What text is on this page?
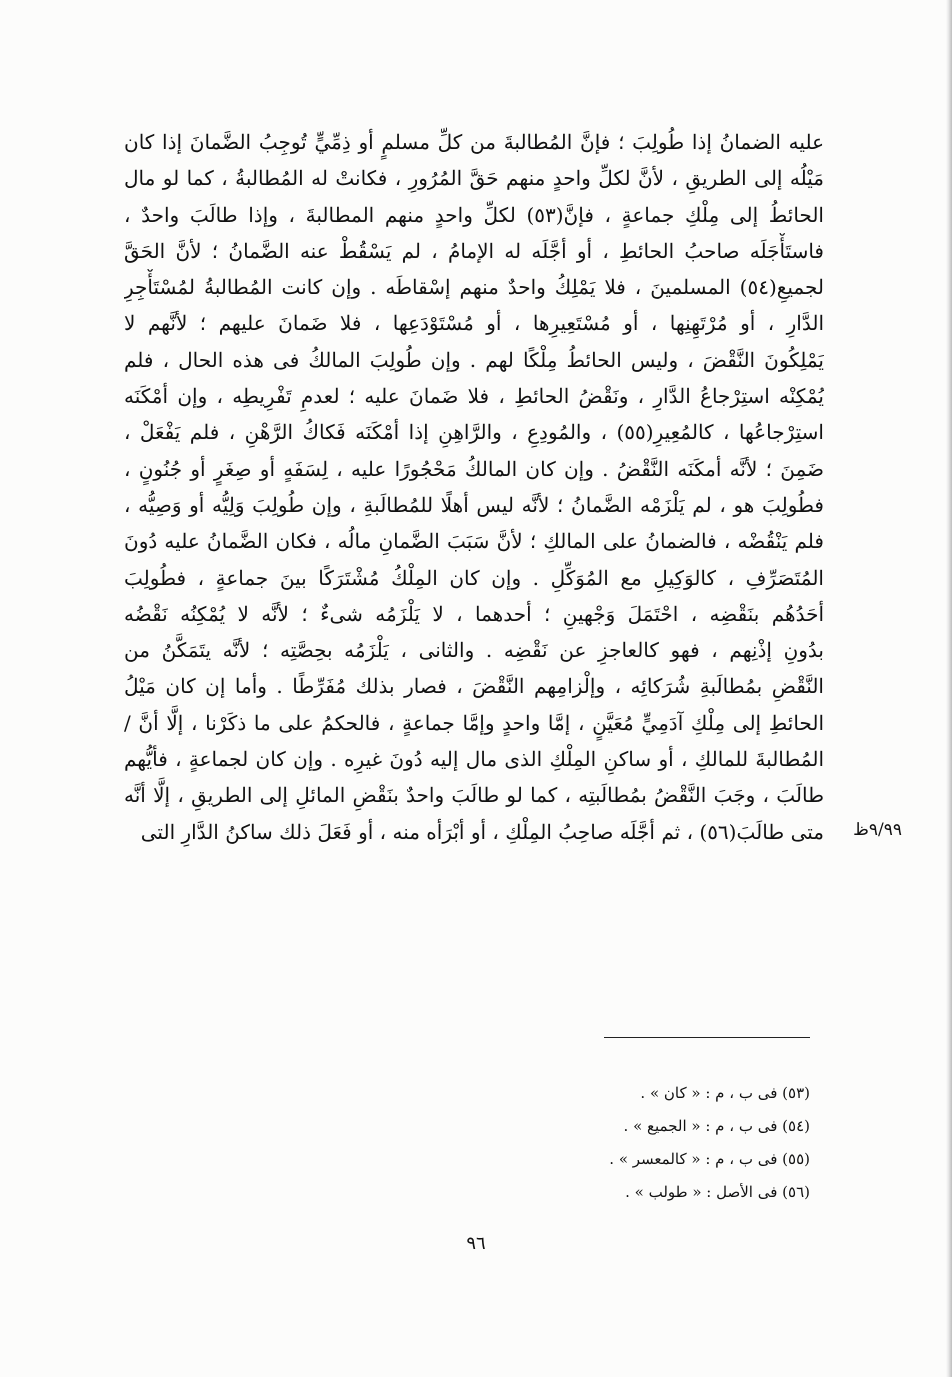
عليه الضمانُ إذا طُولِبَ ؛ فإنَّ المُطالبةَ من كلِّ مسلمٍ أو ذِمِّيٍّ تُوجِبُ الضَّمانَ إذا كان
مَيْلُه إلى الطريقِ ، لأنَّ لكلِّ واحدٍ منهم حَقَّ المُرُورِ ، فكانتْ له المُطالبةُ ، كما لو مال
الحائطُ إلى مِلْكِ جماعةٍ ، فإنَّ(٥٣) لكلِّ واحدٍ منهم المطالبةَ ، وإذا طالَبَ واحدٌ ،
فاستَأْجَلَه صاحبُ الحائطِ ، أو أجَّلَه له الإمامُ ، لم يَسْقُطْ عنه الضَّمانُ ؛ لأنَّ الحَقَّ
لجميعِ(٥٤) المسلمينَ ، فلا يَمْلِكُ واحدٌ منهم إسْقاطَه . وإن كانت المُطالبةُ لمُسْتَأْجِرِ
الدَّارِ ، أو مُرْتَهِنِها ، أو مُسْتَعِيرِها ، أو مُسْتَوْدَعِها ، فلا ضَمانَ عليهم ؛ لأنَّهم لا
يَمْلِكُونَ النَّقْضَ ، وليس الحائطُ مِلْكًا لهم . وإن طُولِبَ المالكُ فى هذه الحال ، فلم
يُمْكِنْه استِرْجاعُ الدَّارِ ، ونَقْضُ الحائطِ ، فلا ضَمانَ عليه ؛ لعدمِ تَفْرِيطِه ، وإن أمْكَنَه
استِرْجاعُها ، كالمُعِيرِ(٥٥) ، والمُودِعِ ، والرَّاهِنِ إذا أمْكَنَه فَكاكُ الرَّهْنِ ، فلم يَفْعَلْ ،
ضَمِنَ ؛ لأنَّه أمكَنَه النَّقْضُ . وإن كان المالكُ مَحْجُورًا عليه ، لِسَفَهٍ أو صِغَرٍ أو جُنُونٍ ،
فطُولِبَ هو ، لم يَلْزَمْه الضَّمانُ ؛ لأنَّه ليس أهلًا للمُطالَبةِ ، وإن طُولِبَ وَلِيُّه أو وَصِيُّه ،
فلم يَنْقُضْه ، فالضمانُ على المالكِ ؛ لأنَّ سَبَبَ الضَّمانِ مالُه ، فكان الضَّمانُ عليه دُونَ
المُتَصَرِّفِ ، كالوَكِيلِ مع المُوَكِّلِ . وإن كان المِلْكُ مُشْتَرَكًا بينَ جماعةٍ ، فطُولِبَ
أحَدُهُم بنَقْضِه ، احْتَمَلَ وَجْهينِ ؛ أحدهما ، لا يَلْزَمُه شىءٌ ؛ لأنَّه لا يُمْكِنُه نَقْضُه
بدُونِ إذْنِهم ، فهو كالعاجزِ عن نَقْضِه . والثانى ، يَلْزَمُه بحِصَّتِه ؛ لأنَّه يتَمَكَّنُ من
النَّقْضِ بمُطالَبةِ شُرَكائِه ، وإلْزامِهم النَّقْضَ ، فصار بذلك مُفَرِّطًا . وأما إن كان مَيْلُ
الحائطِ إلى مِلْكِ آدَمِيٍّ مُعَيَّنٍ ، إمَّا واحدٍ وإمَّا جماعةٍ ، فالحكمُ على ما ذكَرْنا ، إلَّا أنَّ /
المُطالبةَ للمالكِ ، أو ساكنِ المِلْكِ الذى مال إليه دُونَ غيرِه . وإن كان لجماعةٍ ، فأيُّهم
طالَبَ ، وجَبَ النَّقْضُ بمُطالَبتِه ، كما لو طالَبَ واحدٌ بنَقْضِ المائلِ إلى الطريقِ ، إلَّا أنَّه
متى طالَبَ(٥٦) ، ثم أجَّلَه صاحِبُ المِلْكِ ، أو أبْرَأه منه ، أو فَعَلَ ذلك ساكنُ الدَّارِ التى	٩/٩٩ظ
(٥٣) فى ب ، م : « كان » .
(٥٤) فى ب ، م : « الجميع » .
(٥٥) فى ب ، م : « كالمعسر » .
(٥٦) فى الأصل : « طولب » .
٩٦
